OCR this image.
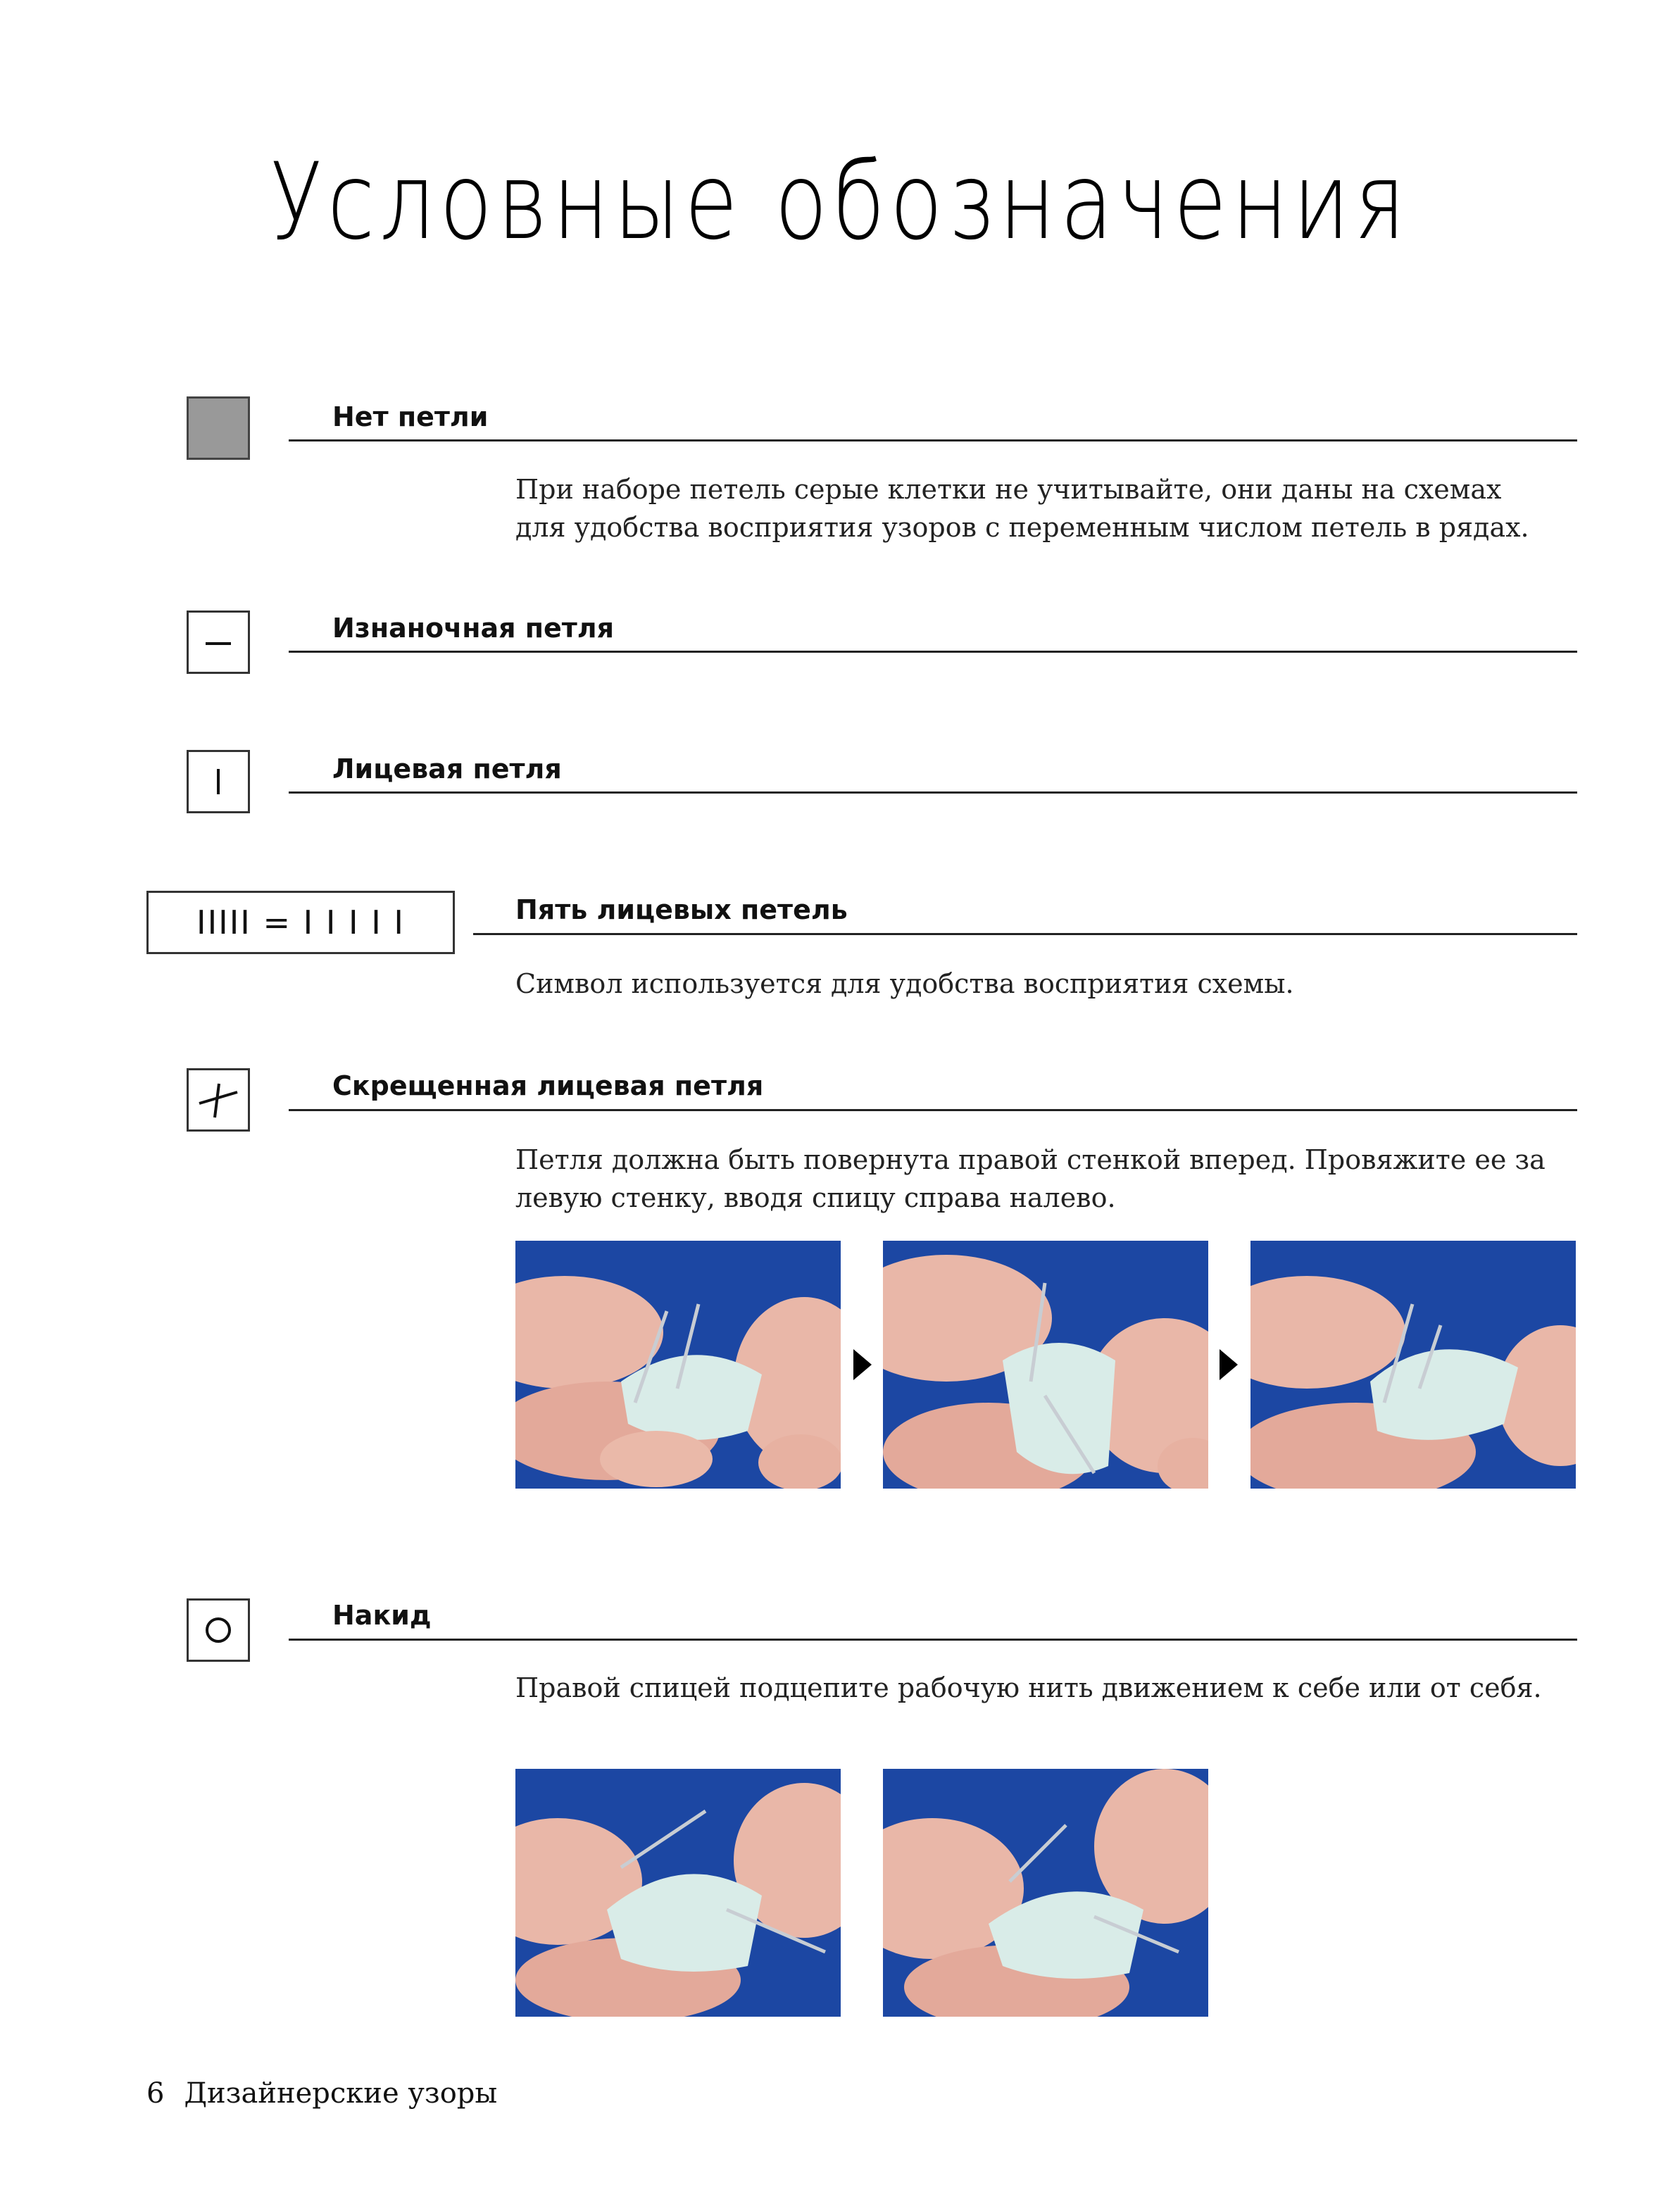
Условные обозначения
Нет петли
При наборе петель серые клетки не учитывайте, они даны на схемах для удобства восприятия узоров с переменным числом петель в рядах.
Изнаночная петля
Лицевая петля
IIIII = I I I I I	Пять лицевых петель
Символ используется для удобства восприятия схемы.
Скрещенная лицевая петля
Петля должна быть повернута правой стенкой вперед. Провяжите ее за левую стенку, вводя спицу справа налево.
Накид
Правой спицей подцепите рабочую нить движением к себе или от себя.
6 Дизайнерские узоры
